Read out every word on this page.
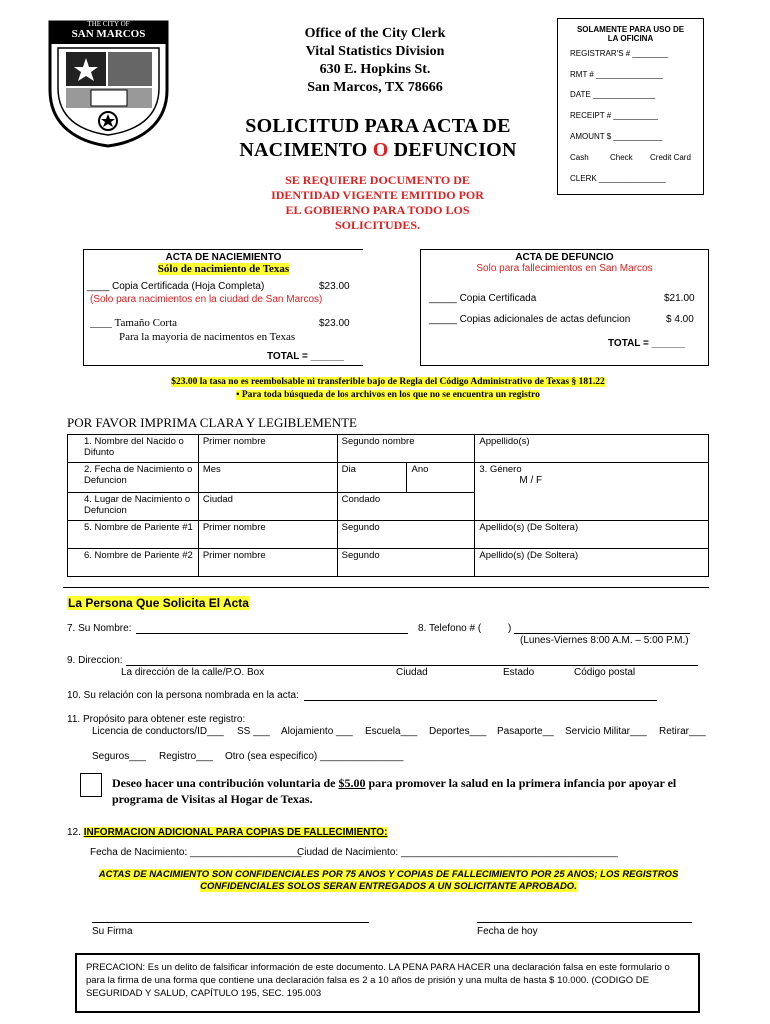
THE CITY OF
SAN MARCOS	Office of the City Clerk
Vital Statistics Division
630 E. Hopkins St.
San Marcos, TX 78666
SOLICITUD PARA ACTA DE
NACIMENTO O DEFUNCION
SE REQUIERE DOCUMENTO DE
IDENTIDAD VIGENTE EMITIDO POR
EL GOBIERNO PARA TODO LOS
SOLICITUDES.
SOLAMENTE PARA USO DE
LA OFICINA
REGISTRAR'S # ________
RMT # _______________
DATE ______________
RECEIPT # __________
AMOUNT $ ___________
Cash	Check Credit Card
CLERK _______________
ACTA DE NACIEMIENTO
Sólo de nacimiento de Texas
____ Copia Certificada (Hoja Completa)	$23.00
(Solo para nacimientos en la ciudad de San Marcos)
____ Tamaño Corta	$23.00
Para la mayoria de nacimentos en Texas
TOTAL = ______
ACTA DE DEFUNCIO
Solo para fallecimientos en San Marcos
_____ Copia Certificada	$21.00
_____ Copias adicionales de actas defuncion	$ 4.00
TOTAL = ______
$23.00 la tasa no es reembolsable ni transferible bajo de Regla del Código Administrativo de Texas § 181.22
• Para toda búsqueda de los archivos en los que no se encuentra un registro
POR FAVOR IMPRIMA CLARA Y LEGIBLEMENTE
1. Nombre del Nacido o Difunto	Primer nombre	Segundo nombre		Appellido(s)
2. Fecha de Nacimiento o Defuncion	Mes	Dia	Ano	3. Género
M / F

4. Lugar de Nacimiento o Defuncion	Ciudad	Condado		
5. Nombre de Pariente #1	Primer nombre	Segundo		Apellido(s) (De Soltera)
6. Nombre de Pariente #2	Primer nombre	Segundo		Apellido(s) (De Soltera)
La Persona Que Solicita El Acta
7. Su Nombre:	8. Telefono # (	)
(Lunes-Viernes 8:00 A.M. – 5:00 P.M.)
9. Direccion:
La dirección de la calle/P.O. Box	Ciudad	Estado	Código postal
10. Su relación con la persona nombrada en la acta:
11. Propósito para obtener este registro:
Licencia de conductors/ID___ SS ___ Alojamiento ___ Escuela___ Deportes___ Pasaporte__ Servicio Militar___ Retirar___
Seguros___ Registro___ Otro (sea especifico) _______________
Deseo hacer una contribución voluntaria de $5.00 para promover la salud en la primera infancia por apoyar el
programa de Visitas al Hogar de Texas.
12. INFORMACION ADICIONAL PARA COPIAS DE FALLECIMIENTO:
Fecha de Nacimiento: ____________________
Ciudad de Nacimiento: _______________________________________
ACTAS DE NACIMIENTO SON CONFIDENCIALES POR 75 ANOS Y COPIAS DE FALLECIMIENTO POR 25 ANOS; LOS REGISTROS
CONFIDENCIALES SOLOS SERAN ENTREGADOS A UN SOLICITANTE APROBADO.
Su Firma	Fecha de hoy
PRECACION: Es un delito de falsificar información de este documento. LA PENA PARA HACER una declaración falsa en este formulario o para la firma de una forma que contiene una declaración falsa es 2 a 10 años de prisión y una multa de hasta $ 10.000. (CODIGO DE SEGURIDAD Y SALUD, CAPÍTULO 195, SEC. 195.003
